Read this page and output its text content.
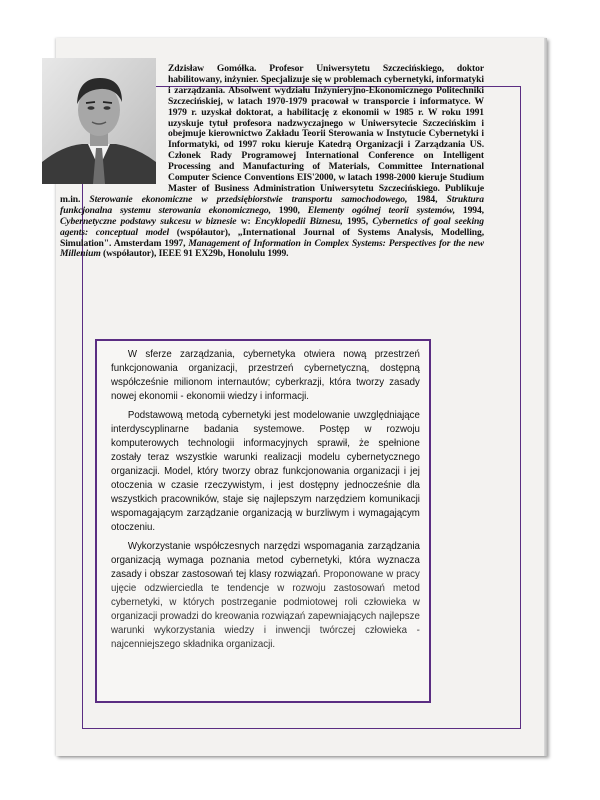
Zdzisław Gomółka. Profesor Uniwersytetu Szczecińskiego, doktor habilitowany, inżynier. Specjalizuje się w problemach cybernetyki, informatyki i zarządzania. Absolwent wydziału Inżynieryjno-Ekonomicznego Politechniki Szczecińskiej, w latach 1970-1979 pracował w transporcie i informatyce. W 1979 r. uzyskał doktorat, a habilitację z ekonomii w 1985 r. W roku 1991 uzyskuje tytuł profesora nadzwyczajnego w Uniwersytecie Szczecińskim i obejmuje kierownictwo Zakładu Teorii Sterowania w Instytucie Cybernetyki i Informatyki, od 1997 roku kieruje Katedrą Organizacji i Zarządzania US. Członek Rady Programowej International Conference on Intelligent Processing and Manufacturing of Materials, Committee International Computer Science Conventions EIS'2000, w latach 1998-2000 kieruje Studium Master of Business Administration Uniwersytetu Szczecińskiego. Publikuje m.in. Sterowanie ekonomiczne w przedsiębiorstwie transportu samochodowego, 1984, Struktura funkcjonalna systemu sterowania ekonomicznego, 1990, Elementy ogólnej teorii systemów, 1994, Cybernetyczne podstawy sukcesu w biznesie w: Encyklopedii Biznesu, 1995, Cybernetics of goal seeking agents: conceptual model (współautor), „International Journal of Systems Analysis, Modelling, Simulation". Amsterdam 1997, Management of Information in Complex Systems: Perspectives for the new Millenium (współautor), IEEE 91 EX29b, Honolulu 1999.

W sferze zarządzania, cybernetyka otwiera nową przestrzeń funkcjonowania organizacji, przestrzeń cybernetyczną, dostępną współcześnie milionom internautów; cyberkrazji, która tworzy zasady nowej ekonomii - ekonomii wiedzy i informacji.

Podstawową metodą cybernetyki jest modelowanie uwzględniające interdyscyplinarne badania systemowe. Postęp w rozwoju komputerowych technologii informacyjnych sprawił, że spełnione zostały teraz wszystkie warunki realizacji modelu cybernetycznego organizacji. Model, który tworzy obraz funkcjonowania organizacji i jej otoczenia w czasie rzeczywistym, i jest dostępny jednocześnie dla wszystkich pracowników, staje się najlepszym narzędziem komunikacji wspomagającym zarządzanie organizacją w burzliwym i wymagającym otoczeniu.

Wykorzystanie współczesnych narzędzi wspomagania zarządzania organizacją wymaga poznania metod cybernetyki, która wyznacza zasady i obszar zastosowań tej klasy rozwiązań. Proponowane w pracy ujęcie odzwierciedla te tendencje w rozwoju zastosowań metod cybernetyki, w których postrzeganie podmiotowej roli człowieka w organizacji prowadzi do kreowania rozwiązań zapewniających najlepsze warunki wykorzystania wiedzy i inwencji twórczej człowieka - najcenniejszego składnika organizacji.
